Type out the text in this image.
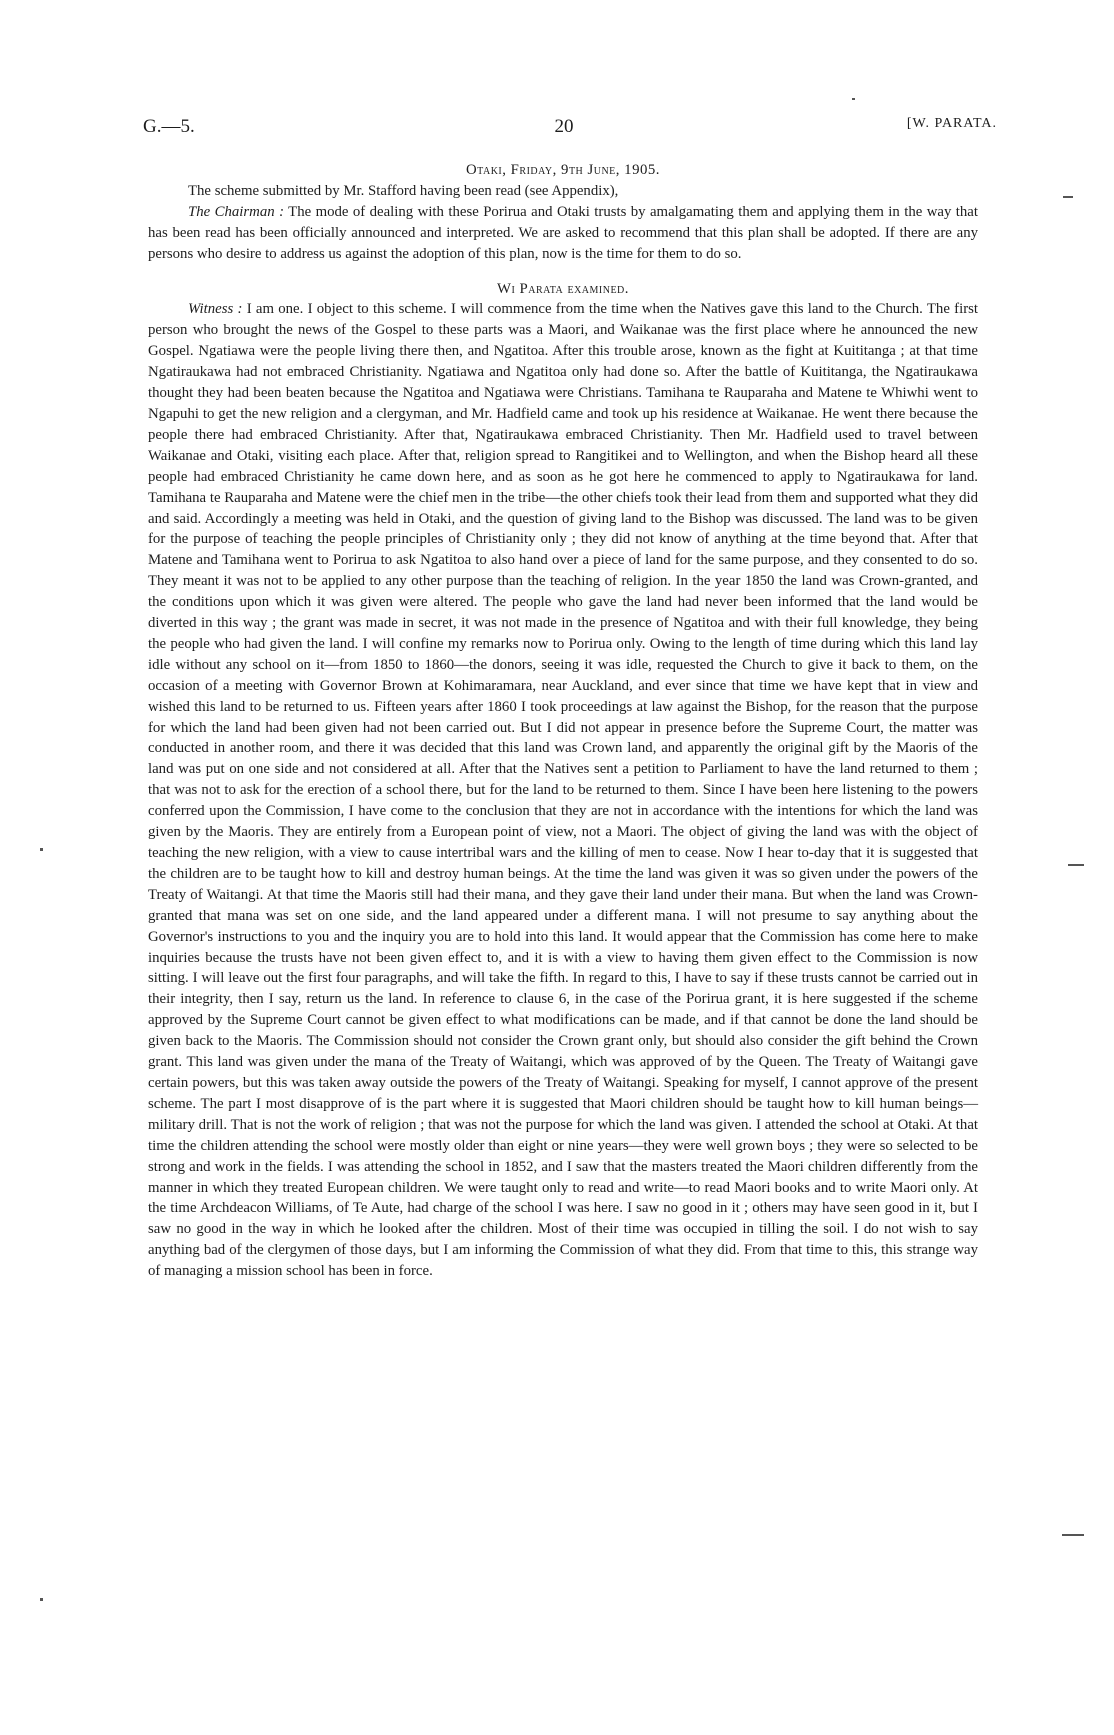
G.—5.	20	[W. PARATA.

Otaki, Friday, 9th June, 1905.

The scheme submitted by Mr. Stafford having been read (see Appendix),

The Chairman : The mode of dealing with these Porirua and Otaki trusts by amalgamating them and applying them in the way that has been read has been officially announced and interpreted. We are asked to recommend that this plan shall be adopted. If there are any persons who desire to address us against the adoption of this plan, now is the time for them to do so.

Wi Parata examined.

Witness : I am one. I object to this scheme. I will commence from the time when the Natives gave this land to the Church. The first person who brought the news of the Gospel to these parts was a Maori, and Waikanae was the first place where he announced the new Gospel. Ngatiawa were the people living there then, and Ngatitoa. After this trouble arose, known as the fight at Kuititanga ; at that time Ngatiraukawa had not embraced Christianity. Ngatiawa and Ngatitoa only had done so. After the battle of Kuititanga, the Ngatiraukawa thought they had been beaten because the Ngatitoa and Ngatiawa were Christians. Tamihana te Rauparaha and Matene te Whiwhi went to Ngapuhi to get the new religion and a clergyman, and Mr. Hadfield came and took up his residence at Waikanae. He went there because the people there had embraced Christianity. After that, Ngatiraukawa embraced Christianity. Then Mr. Hadfield used to travel between Waikanae and Otaki, visiting each place. After that, religion spread to Rangitikei and to Wellington, and when the Bishop heard all these people had embraced Christianity he came down here, and as soon as he got here he commenced to apply to Ngatiraukawa for land. Tamihana te Rauparaha and Matene were the chief men in the tribe—the other chiefs took their lead from them and supported what they did and said. Accordingly a meeting was held in Otaki, and the question of giving land to the Bishop was discussed. The land was to be given for the purpose of teaching the people principles of Christianity only ; they did not know of anything at the time beyond that. After that Matene and Tamihana went to Porirua to ask Ngatitoa to also hand over a piece of land for the same purpose, and they consented to do so. They meant it was not to be applied to any other purpose than the teaching of religion. In the year 1850 the land was Crown-granted, and the conditions upon which it was given were altered. The people who gave the land had never been informed that the land would be diverted in this way ; the grant was made in secret, it was not made in the presence of Ngatitoa and with their full knowledge, they being the people who had given the land. I will confine my remarks now to Porirua only. Owing to the length of time during which this land lay idle without any school on it—from 1850 to 1860—the donors, seeing it was idle, requested the Church to give it back to them, on the occasion of a meeting with Governor Brown at Kohimaramara, near Auckland, and ever since that time we have kept that in view and wished this land to be returned to us. Fifteen years after 1860 I took proceedings at law against the Bishop, for the reason that the purpose for which the land had been given had not been carried out. But I did not appear in presence before the Supreme Court, the matter was conducted in another room, and there it was decided that this land was Crown land, and apparently the original gift by the Maoris of the land was put on one side and not considered at all. After that the Natives sent a petition to Parliament to have the land returned to them ; that was not to ask for the erection of a school there, but for the land to be returned to them. Since I have been here listening to the powers conferred upon the Commission, I have come to the conclusion that they are not in accordance with the intentions for which the land was given by the Maoris. They are entirely from a European point of view, not a Maori. The object of giving the land was with the object of teaching the new religion, with a view to cause intertribal wars and the killing of men to cease. Now I hear to-day that it is suggested that the children are to be taught how to kill and destroy human beings. At the time the land was given it was so given under the powers of the Treaty of Waitangi. At that time the Maoris still had their mana, and they gave their land under their mana. But when the land was Crown-granted that mana was set on one side, and the land appeared under a different mana. I will not presume to say anything about the Governor's instructions to you and the inquiry you are to hold into this land. It would appear that the Commission has come here to make inquiries because the trusts have not been given effect to, and it is with a view to having them given effect to the Commission is now sitting. I will leave out the first four paragraphs, and will take the fifth. In regard to this, I have to say if these trusts cannot be carried out in their integrity, then I say, return us the land. In reference to clause 6, in the case of the Porirua grant, it is here suggested if the scheme approved by the Supreme Court cannot be given effect to what modifications can be made, and if that cannot be done the land should be given back to the Maoris. The Commission should not consider the Crown grant only, but should also consider the gift behind the Crown grant. This land was given under the mana of the Treaty of Waitangi, which was approved of by the Queen. The Treaty of Waitangi gave certain powers, but this was taken away outside the powers of the Treaty of Waitangi. Speaking for myself, I cannot approve of the present scheme. The part I most disapprove of is the part where it is suggested that Maori children should be taught how to kill human beings—military drill. That is not the work of religion ; that was not the purpose for which the land was given. I attended the school at Otaki. At that time the children attending the school were mostly older than eight or nine years—they were well grown boys ; they were so selected to be strong and work in the fields. I was attending the school in 1852, and I saw that the masters treated the Maori children differently from the manner in which they treated European children. We were taught only to read and write—to read Maori books and to write Maori only. At the time Archdeacon Williams, of Te Aute, had charge of the school I was here. I saw no good in it ; others may have seen good in it, but I saw no good in the way in which he looked after the children. Most of their time was occupied in tilling the soil. I do not wish to say anything bad of the clergymen of those days, but I am informing the Commission of what they did. From that time to this, this strange way of managing a mission school has been in force.
